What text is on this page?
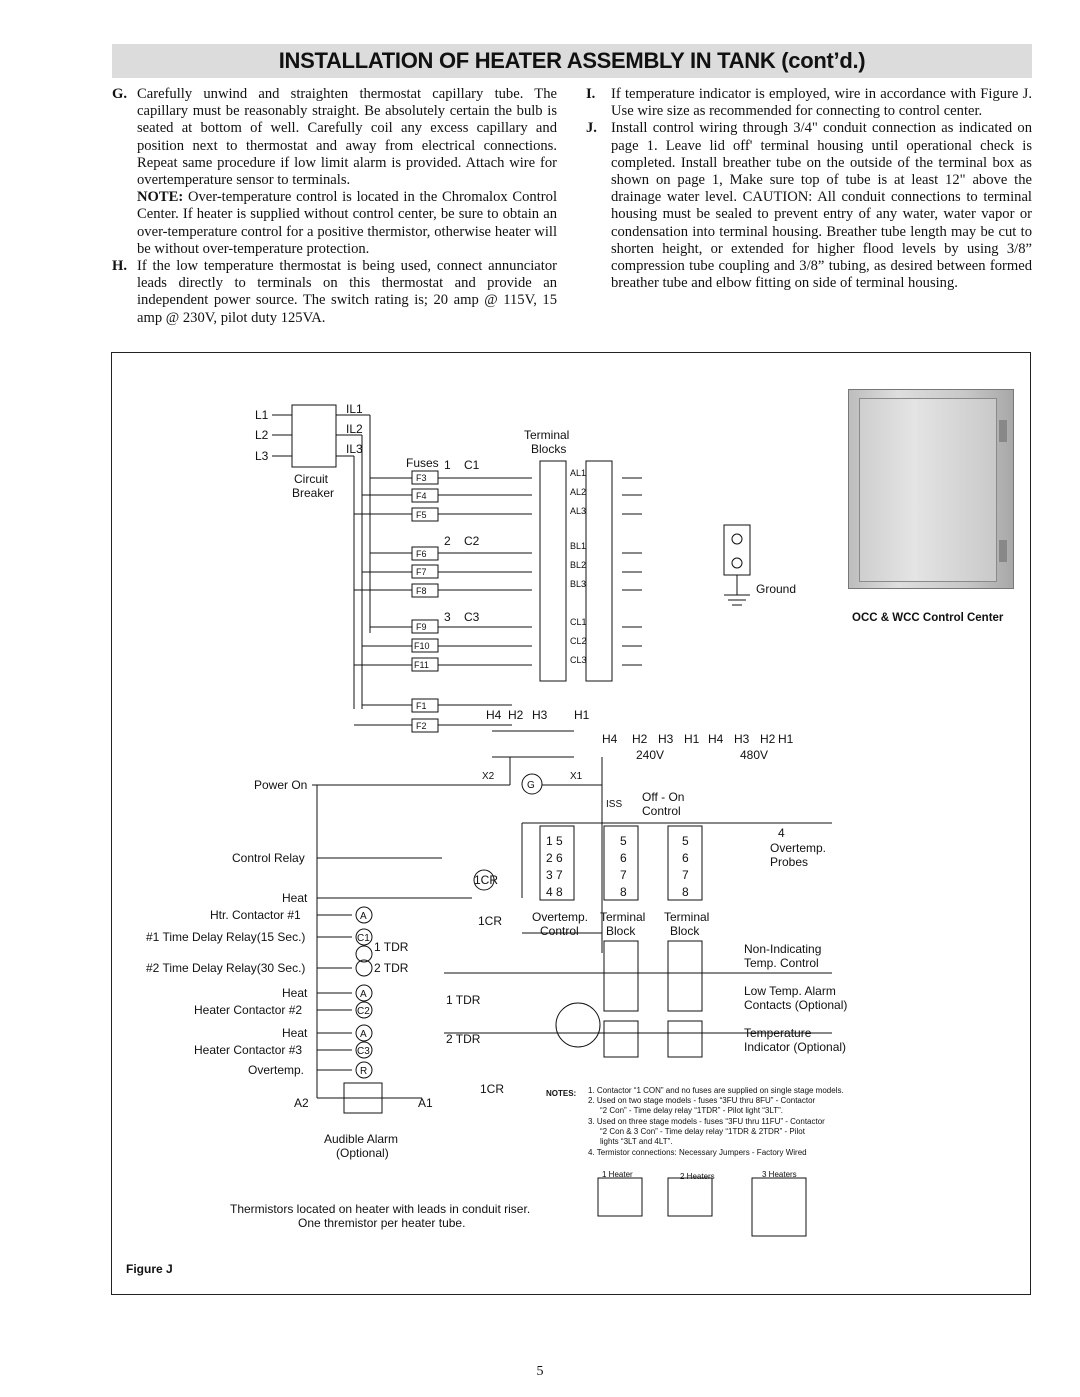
INSTALLATION OF HEATER ASSEMBLY IN TANK (cont’d.)

G. Carefully unwind and straighten thermostat capillary tube. The capillary must be reasonably straight. Be absolutely certain the bulb is seated at bottom of well. Carefully coil any excess capillary and position next to thermostat and away from electrical connections. Repeat same procedure if low limit alarm is provided. Attach wire for overtemperature sensor to terminals.

NOTE: Over-temperature control is located in the Chromalox Control Center. If heater is supplied without control center, be sure to obtain an over-temperature control for a positive thermistor, otherwise heater will be without over-temperature protection.

H. If the low temperature thermostat is being used, connect annunciator leads directly to terminals on this thermostat and provide an independent power source. The switch rating is; 20 amp @ 115V, 15 amp @ 230V, pilot duty 125VA.

I. If temperature indicator is employed, wire in accordance with Figure J. Use wire size as recommended for connecting to control center.

J. Install control wiring through 3/4" conduit connection as indicated on page 1. Leave lid off' terminal housing until operational check is completed. Install breather tube on the outside of the terminal box as shown on page 1, Make sure top of tube is at least 12" above the drainage water level. CAUTION: All conduit connections to terminal housing must be sealed to prevent entry of any water, water vapor or condensation into terminal housing. Breather tube length may be cut to shorten height, or extended for higher flood levels by using 3/8” compression tube coupling and 3/8” tubing, as desired between formed breather tube and elbow fitting on side of terminal housing.

L1
L2
L3
IL1
IL2
IL3
Circuit
Breaker
Fuses
F3
F4
F5
F6
F7
F8
F9
F10
F11
F1
F2
C1
C2
C3
1
2
3
4
Terminal
Blocks
AL1
AL2
AL3
BL1
BL2
BL3
CL1
CL2
CL3
Ground
OCC & WCC Control Center
H4 H2 H3 H1
X2	X1
G
H4 H2 H3 H1 H4 H3 H2 H1
240V	480V
ISS
Off - On
Control
Power On
Control Relay
Heat
Htr. Contactor #1
#1 Time Delay Relay(15 Sec.)
#2 Time Delay Relay(30 Sec.)
Heat
Heater Contactor #2
Heat
Heater Contactor #3
Overtemp.
A
C1
1 TDR
2 TDR
A
C2
A
C3
R
1CR
1CR
1 TDR
2 TDR
1CR
Overtemp.
Control
Terminal
Block
Terminal
Block
1 5
2 6
3 7
4 8
5
6
7
8
5
6
7
8
Overtemp.
Probes
Non-Indicating
Temp. Control
Low Temp. Alarm
Contacts (Optional)
Temperature
Indicator (Optional)
A2	A1
Audible Alarm
(Optional)
NOTES: 1. Contactor “1 CON” and no fuses are supplied on single stage models.
2. Used on two stage models - fuses “3FU thru 8FU” - Contactor
“2 Con” - Time delay relay “1TDR” - Pilot light “3LT”.
3. Used on three stage models - fuses “3FU thru 11FU” - Contactor
“2 Con & 3 Con” - Time delay relay “1TDR & 2TDR” - Pilot
lights “3LT and 4LT”.
4. Termistor connections: Necessary Jumpers - Factory Wired
1 Heater	2 Heaters	3 Heaters
Thermistors located on heater with leads in conduit riser.
One thremistor per heater tube.
Figure J
5
